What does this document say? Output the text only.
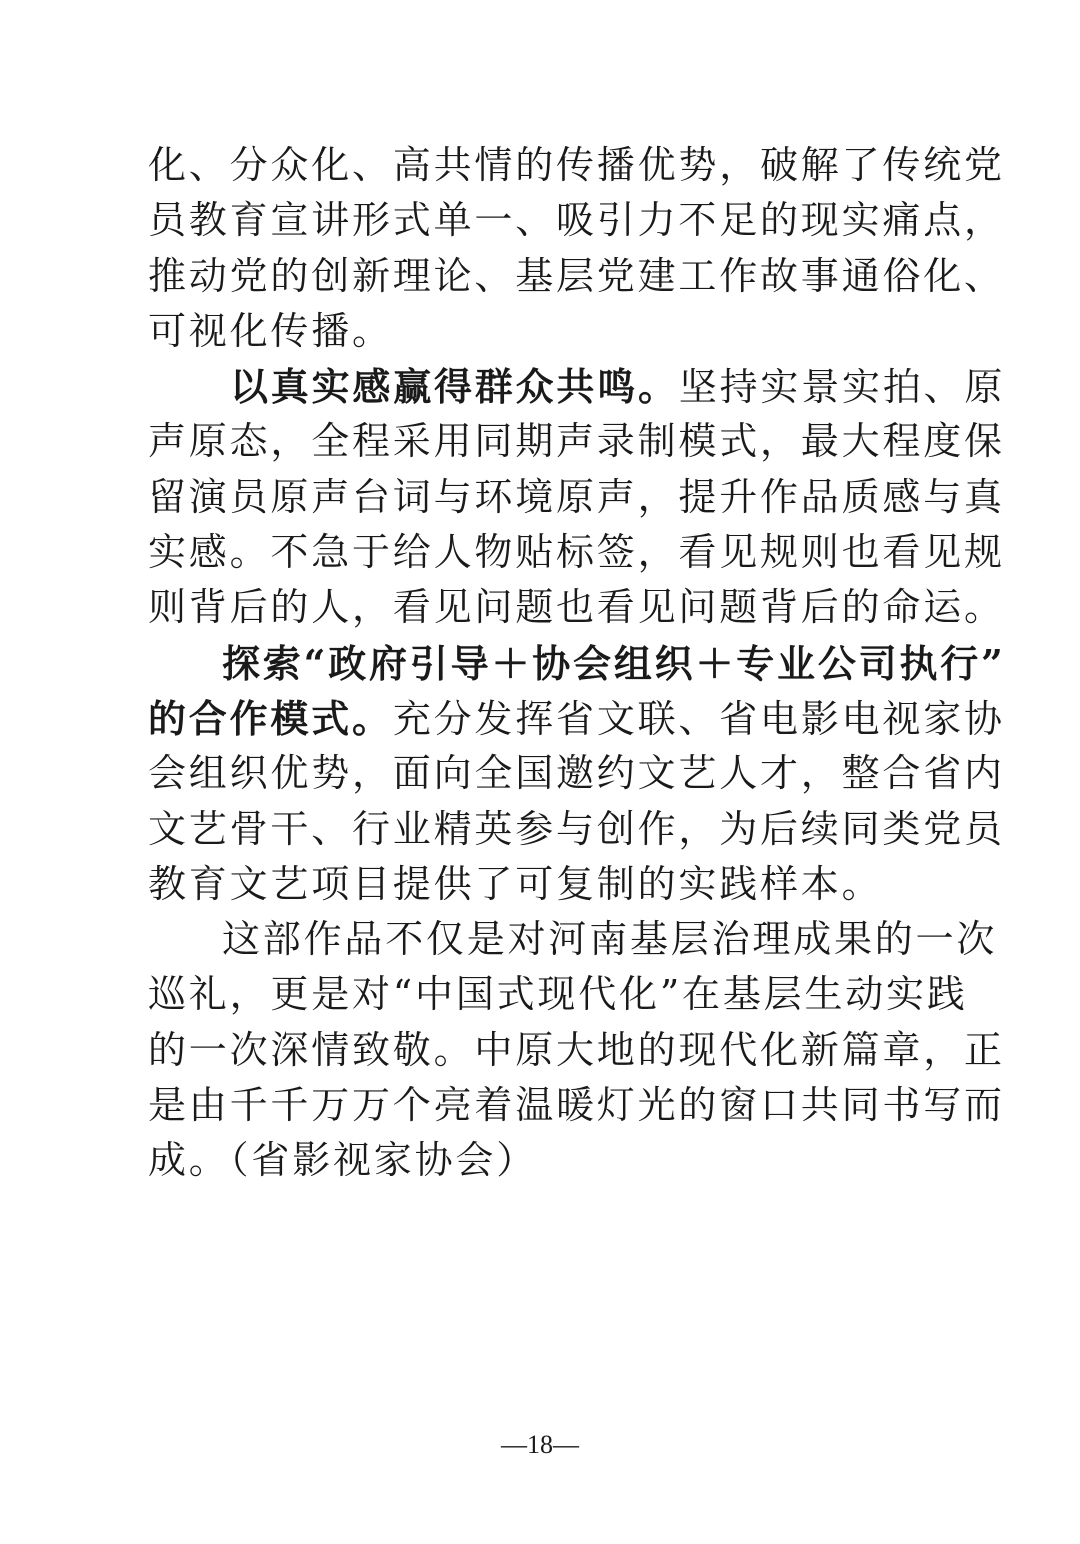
化、分众化、高共情的传播优势，破解了传统党
员教育宣讲形式单一、吸引力不足的现实痛点，
推动党的创新理论、基层党建工作故事通俗化、
可视化传播。
以真实感赢得群众共鸣。坚持实景实拍、原
声原态，全程采用同期声录制模式，最大程度保
留演员原声台词与环境原声，提升作品质感与真
实感。不急于给人物贴标签，看见规则也看见规
则背后的人，看见问题也看见问题背后的命运。
探索“政府引导＋协会组织＋专业公司执行”
的合作模式。充分发挥省文联、省电影电视家协
会组织优势，面向全国邀约文艺人才，整合省内
文艺骨干、行业精英参与创作，为后续同类党员
教育文艺项目提供了可复制的实践样本。
这部作品不仅是对河南基层治理成果的一次
巡礼，更是对“中国式现代化”在基层生动实践
的一次深情致敬。中原大地的现代化新篇章，正
是由千千万万个亮着温暖灯光的窗口共同书写而
成。（省影视家协会）
—18—
